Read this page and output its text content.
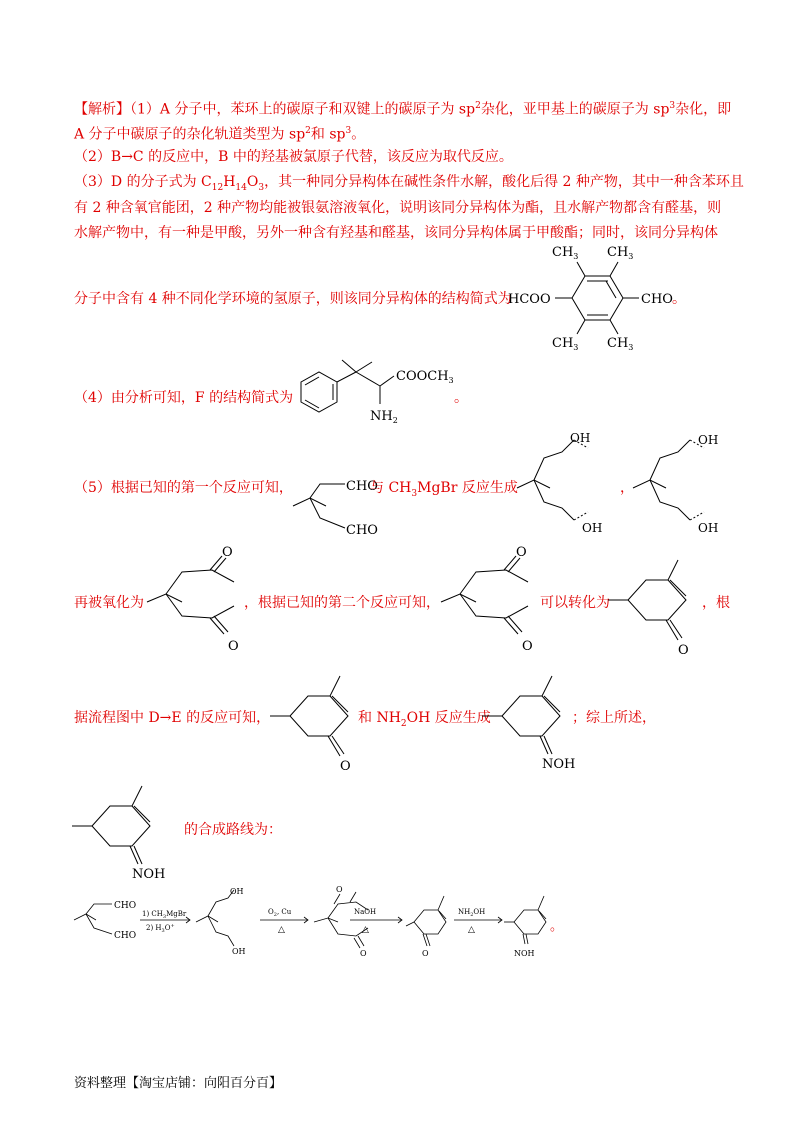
【解析】（1）A 分子中，苯环上的碳原子和双键上的碳原子为 $sp^2$杂化，亚甲基上的碳原子为 $sp^3$杂化，即
A 分子中碳原子的杂化轨道类型为 $sp^2$和 $sp^3$。
（2）B→C 的反应中，B 中的羟基被氯原子代替，该反应为取代反应。
（3）D 的分子式为 $C_{12}H_{14}O_3$，其一种同分异构体在碱性条件水解，酸化后得 2 种产物，其中一种含苯环且
有 2 种含氧官能团，2 种产物均能被银氨溶液氧化，说明该同分异构体为酯，且水解产物都含有醛基，则
水解产物中，有一种是甲酸，另外一种含有羟基和醛基，该同分异构体属于甲酸酯；同时，该同分异构体
分子中含有 4 种不同化学环境的氢原子，则该同分异构体的结构简式为
$CH_3$ $CH_3$
$CH_3$ $CH_3$
HCOO	CHO 。
（4）由分析可知，F 的结构简式为
$COOCH_3$
$NH_2$
。
（5）根据已知的第一个反应可知，	CHO
CHO
与 $CH_3MgBr$ 反应生成
OH
OH
，
OH
OH
再被氧化为
O
O
，根据已知的第二个反应可知，
O
O
可以转化为
O
，根
据流程图中 D→E 的反应可知，
O
和 $NH_2OH$ 反应生成
NOH
；综上所述，
NOH
的合成路线为：
CHO
CHO
1) $CH_3MgBr$
2) $H_3O^+$
OH
OH
$O_2$, Cu
△
O
O
NaOH
△
O
$NH_2OH$
△
NOH
。
资料整理【淘宝店铺：向阳百分百】
